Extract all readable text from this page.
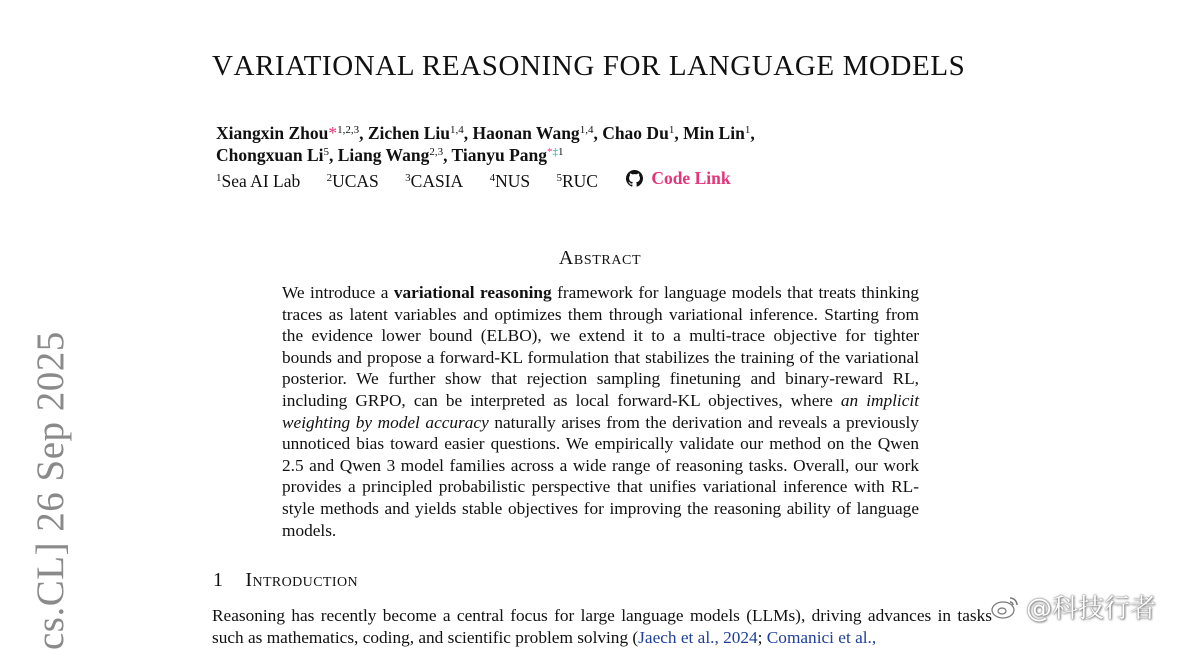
VARIATIONAL REASONING FOR LANGUAGE MODELS
Xiangxin Zhou*$^{1,2,3}$, Zichen Liu$^{1,4}$, Haonan Wang$^{1,4}$, Chao Du$^1$, Min Lin$^1$,
Chongxuan Li$^5$, Liang Wang$^{2,3}$, Tianyu Pang$^{*\ddagger 1}$
$^1$Sea AI Lab $^2$UCAS $^3$CASIA $^4$NUS $^5$RUC	Code Link
Abstract

We introduce a variational reasoning framework for language models that treats thinking traces as latent variables and optimizes them through variational inference. Starting from the evidence lower bound (ELBO), we extend it to a multi-trace objective for tighter bounds and propose a forward-KL formulation that stabilizes the training of the variational posterior. We further show that rejection sampling finetuning and binary-reward RL, including GRPO, can be interpreted as local forward-KL objectives, where an implicit weighting by model accuracy naturally arises from the derivation and reveals a previously unnoticed bias toward easier questions. We empirically validate our method on the Qwen 2.5 and Qwen 3 model families across a wide range of reasoning tasks. Overall, our work provides a principled probabilistic perspective that unifies variational inference with RL-style methods and yields stable objectives for improving the reasoning ability of language models.

1 Introduction

Reasoning has recently become a central focus for large language models (LLMs), driving advances in tasks such as mathematics, coding, and scientific problem solving (Jaech et al., 2024; Comanici et al.,

cs.CL] 26 Sep 2025	@科技行者
